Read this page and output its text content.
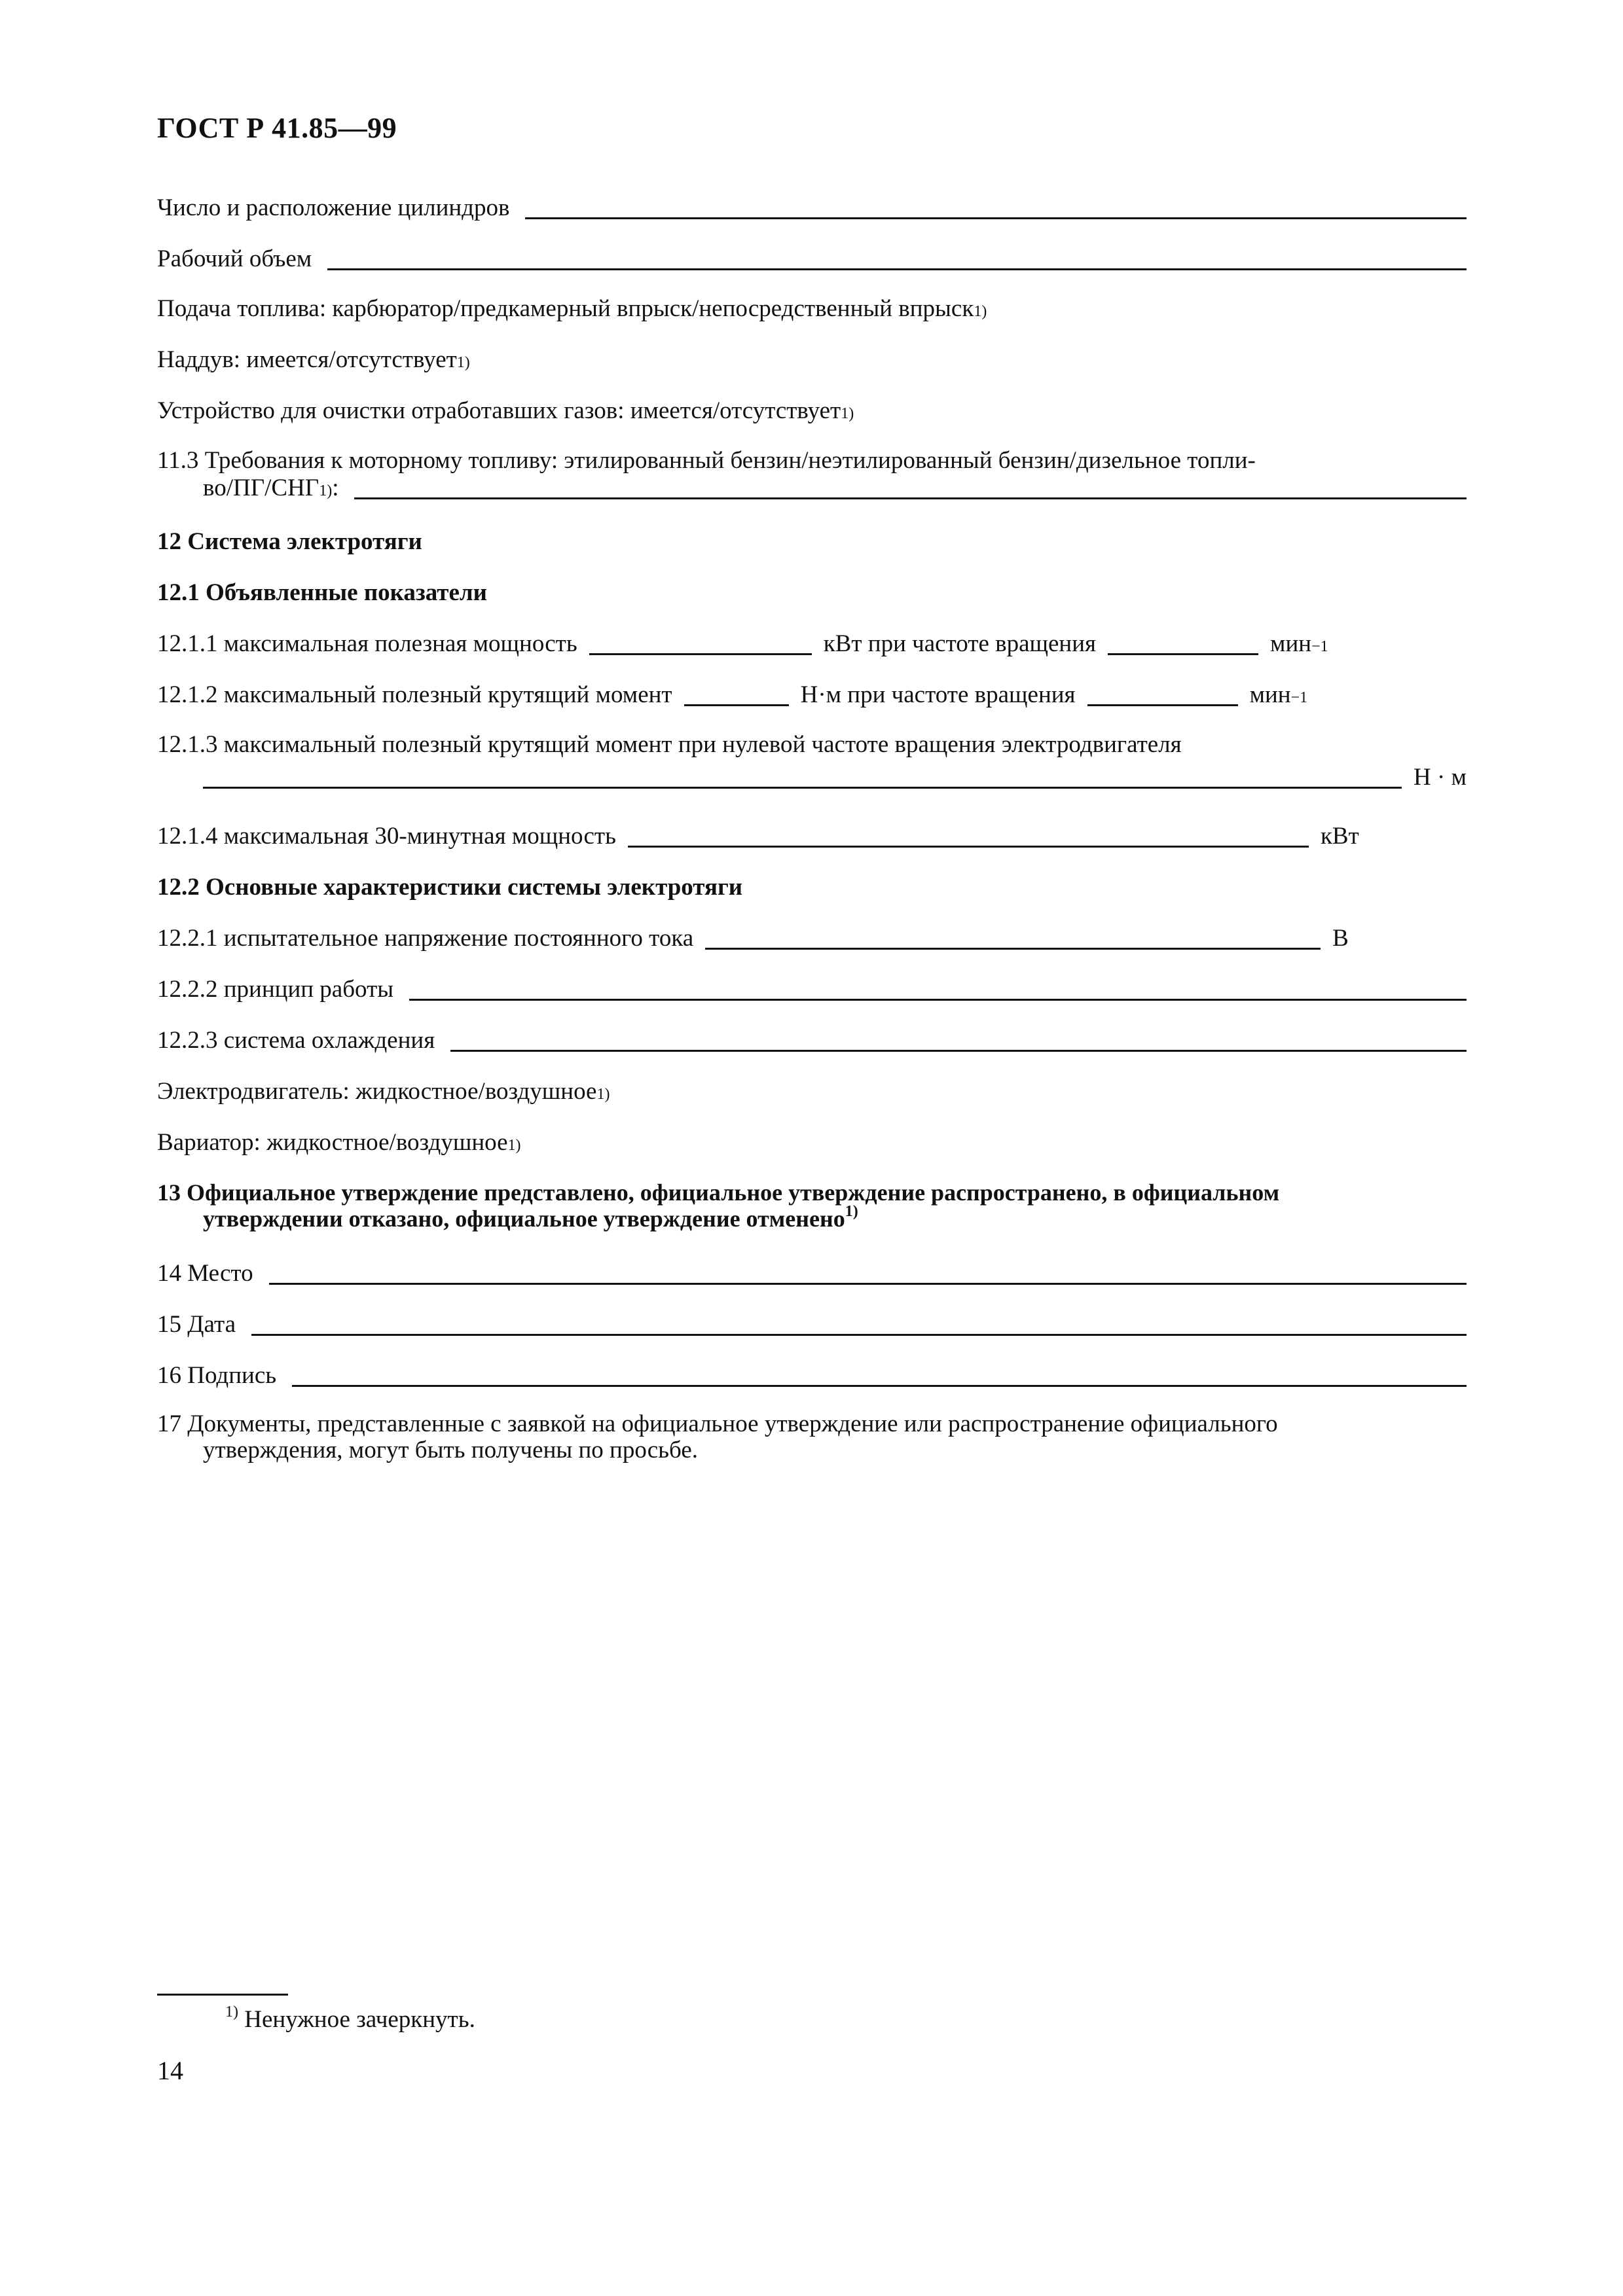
ГОСТ Р 41.85—99
Число и расположение цилиндров
Рабочий объем
Подача топлива: карбюратор/предкамерный впрыск/непосредственный впрыск 1)
Наддув: имеется/отсутствует 1)
Устройство для очистки отработавших газов: имеется/отсутствует 1)
11.3 Требования к моторному топливу: этилированный бензин/неэтилированный бензин/дизельное топли-
во/ПГ/СНГ 1) :
12 Система электротяги
12.1 Объявленные показатели
12.1.1 максимальная полезная мощность	кВт при частоте вращения	мин −1
12.1.2 максимальный полезный крутящий момент	Н·м при частоте вращения	мин −1
12.1.3 максимальный полезный крутящий момент при нулевой частоте вращения электродвигателя
Н · м
12.1.4 максимальная 30-минутная мощность	кВт
12.2 Основные характеристики системы электротяги
12.2.1 испытательное напряжение постоянного тока	В
12.2.2 принцип работы
12.2.3 система охлаждения
Электродвигатель: жидкостное/воздушное 1)
Вариатор: жидкостное/воздушное 1)
13 Официальное утверждение представлено, официальное утверждение распространено, в официальном
утверждении отказано, официальное утверждение отменено$^{1)}$
14 Место
15 Дата
16 Подпись
17 Документы, представленные с заявкой на официальное утверждение или распространение официального
утверждения, могут быть получены по просьбе.
$^{1)}$ Ненужное зачеркнуть.
14
